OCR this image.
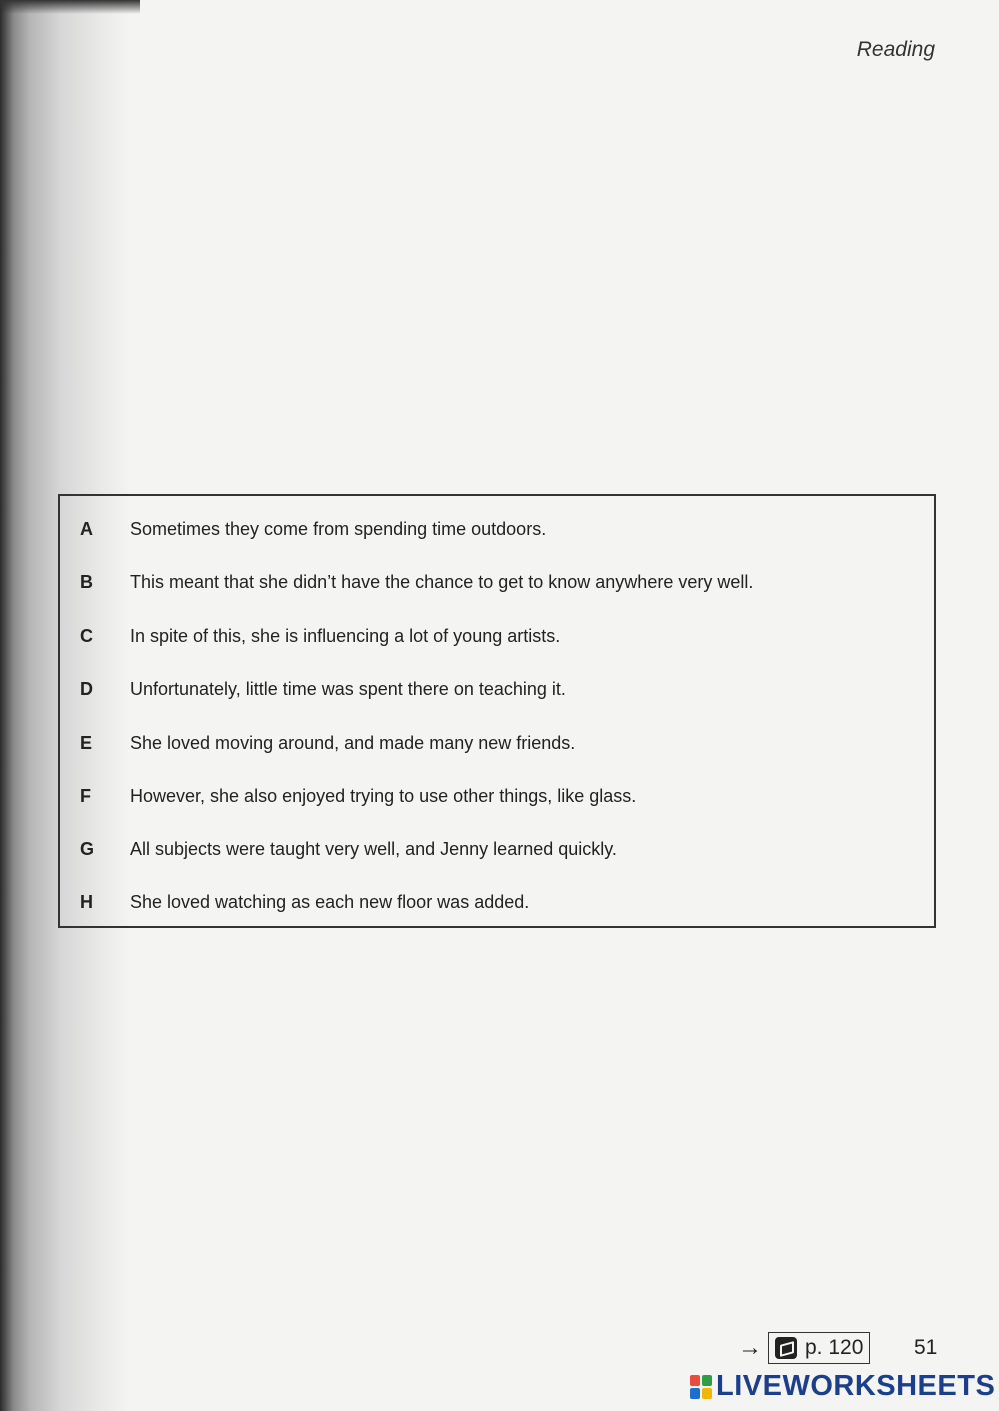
Reading
A	Sometimes they come from spending time outdoors.
B	This meant that she didn’t have the chance to get to know anywhere very well.
C	In spite of this, she is influencing a lot of young artists.
D	Unfortunately, little time was spent there on teaching it.
E	She loved moving around, and made many new friends.
F	However, she also enjoyed trying to use other things, like glass.
G	All subjects were taught very well, and Jenny learned quickly.
H	She loved watching as each new floor was added.
→ p. 120 51
LIVEWORKSHEETS
